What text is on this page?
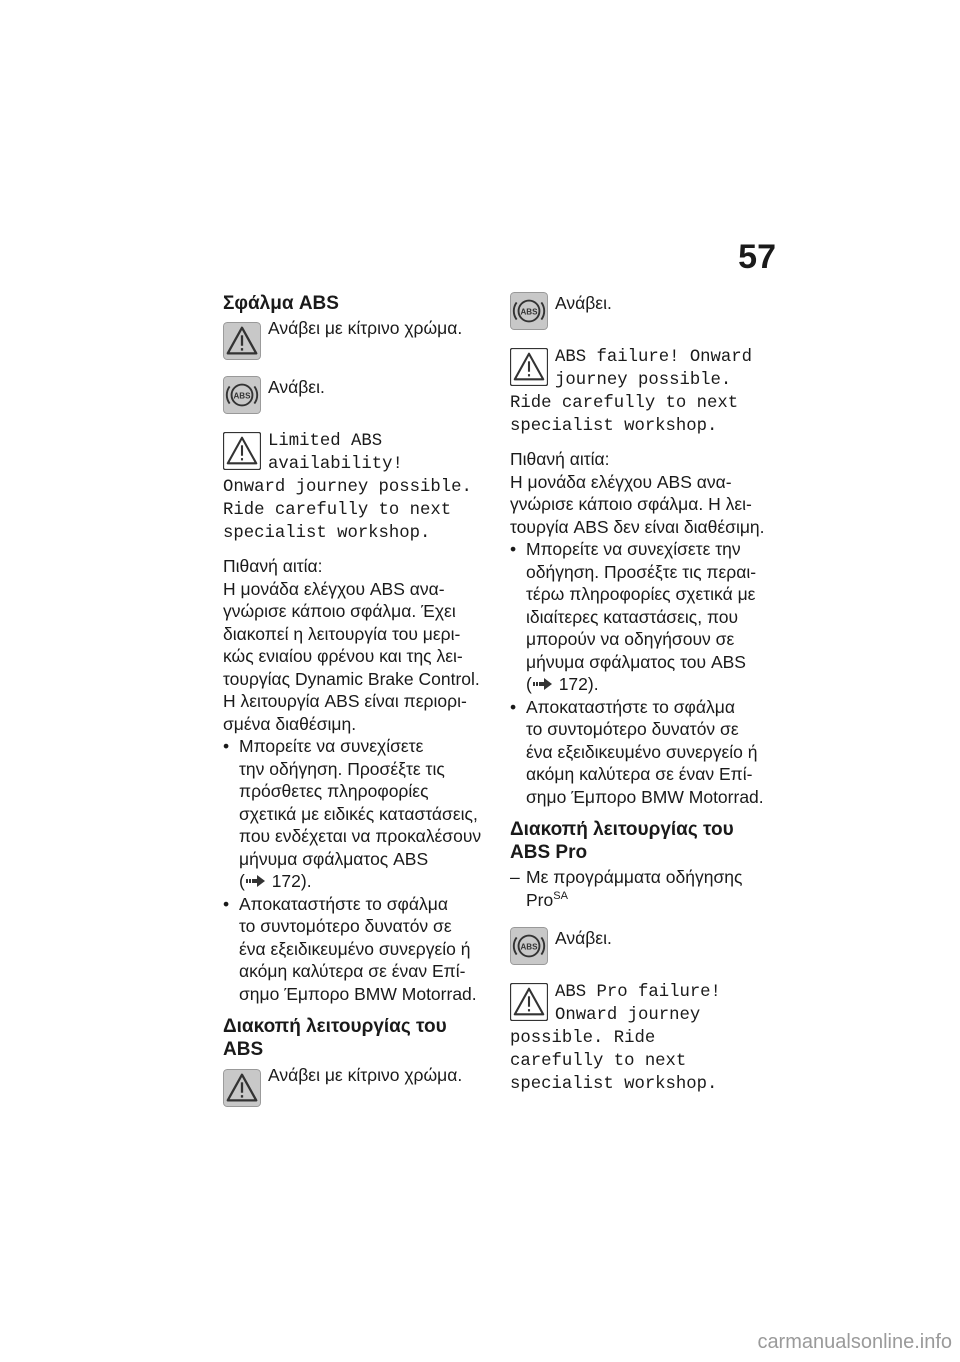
57
Σφάλμα ABS
Ανάβει με κίτρινο χρώμα.
ABS Ανάβει.
Limited ABS
availability!
Onward journey possible.
Ride carefully to next
specialist workshop.

Πιθανή αιτία:

Η μονάδα ελέγχου ABS ανα-
γνώρισε κάποιο σφάλμα. Έχει
διακοπεί η λειτουργία του μερι-
κώς ενιαίου φρένου και της λει-
τουργίας Dynamic Brake Control.
Η λειτουργία ABS είναι περιορι-
σμένα διαθέσιμη.

• Μπορείτε να συνεχίσετε
την οδήγηση. Προσέξτε τις
πρόσθετες πληροφορίες
σχετικά με ειδικές καταστάσεις,
που ενδέχεται να προκαλέσουν
μήνυμα σφάλματος ABS
( 172).
• Αποκαταστήστε το σφάλμα
το συντομότερο δυνατόν σε
ένα εξειδικευμένο συνεργείο ή
ακόμη καλύτερα σε έναν Επί-
σημο Έμπορο BMW Motorrad.
Διακοπή λειτουργίας του
ABS
Ανάβει με κίτρινο χρώμα.
ABS Ανάβει.
ABS failure! Onward
journey possible.
Ride carefully to next
specialist workshop.

Πιθανή αιτία:

Η μονάδα ελέγχου ABS ανα-
γνώρισε κάποιο σφάλμα. Η λει-
τουργία ABS δεν είναι διαθέσιμη.

• Μπορείτε να συνεχίσετε την
οδήγηση. Προσέξτε τις περαι-
τέρω πληροφορίες σχετικά με
ιδιαίτερες καταστάσεις, που
μπορούν να οδηγήσουν σε
μήνυμα σφάλματος του ABS
( 172).
• Αποκαταστήστε το σφάλμα
το συντομότερο δυνατόν σε
ένα εξειδικευμένο συνεργείο ή
ακόμη καλύτερα σε έναν Επί-
σημο Έμπορο BMW Motorrad.
Διακοπή λειτουργίας του
ABS Pro
– Με προγράμματα οδήγησης
Pro$^{SA}$
ABS Ανάβει.
ABS Pro failure!
Onward journey
possible. Ride
carefully to next
specialist workshop.
carmanualsonline.info
